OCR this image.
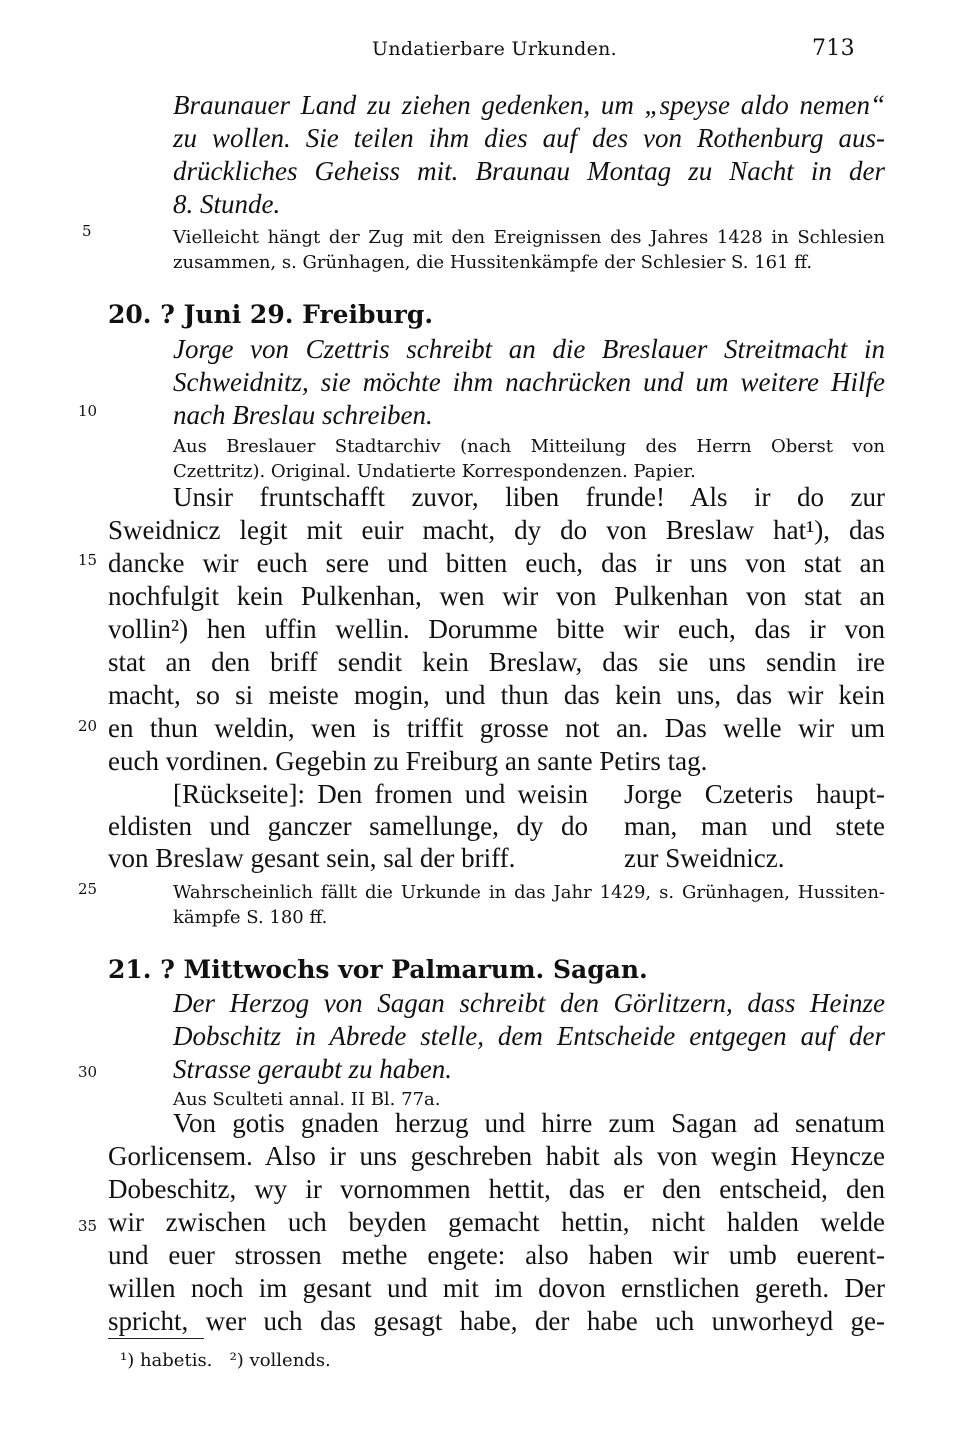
Undatierbare Urkunden.	713
5
10
15
20
25
30
35
Braunauer Land zu ziehen gedenken, um „speyse aldo nemen“
zu wollen. Sie teilen ihm dies auf des von Rothenburg aus-
drückliches Geheiss mit. Braunau Montag zu Nacht in der
8. Stunde.
Vielleicht hängt der Zug mit den Ereignissen des Jahres 1428 in Schlesien
zusammen, s. Grünhagen, die Hussitenkämpfe der Schlesier S. 161 ff.
20. ? Juni 29. Freiburg.
Jorge von Czettris schreibt an die Breslauer Streitmacht in
Schweidnitz, sie möchte ihm nachrücken und um weitere Hilfe
nach Breslau schreiben.
Aus Breslauer Stadtarchiv (nach Mitteilung des Herrn Oberst von
Czettritz). Original. Undatierte Korrespondenzen. Papier.
Unsir fruntschafft zuvor, liben frunde! Als ir do zur
Sweidnicz legit mit euir macht, dy do von Breslaw hat¹), das
dancke wir euch sere und bitten euch, das ir uns von stat an
nochfulgit kein Pulkenhan, wen wir von Pulkenhan von stat an
vollin²) hen uffin wellin. Dorumme bitte wir euch, das ir von
stat an den briff sendit kein Breslaw, das sie uns sendin ire
macht, so si meiste mogin, und thun das kein uns, das wir kein
en thun weldin, wen is triffit grosse not an. Das welle wir um
euch vordinen. Gegebin zu Freiburg an sante Petirs tag.
[Rückseite]: Den fromen und weisin
eldisten und ganczer samellunge, dy do
von Breslaw gesant sein, sal der briff.
Jorge Czeteris haupt-
man, man und stete
zur Sweidnicz.
Wahrscheinlich fällt die Urkunde in das Jahr 1429, s. Grünhagen, Hussiten-
kämpfe S. 180 ff.
21. ? Mittwochs vor Palmarum. Sagan.
Der Herzog von Sagan schreibt den Görlitzern, dass Heinze
Dobschitz in Abrede stelle, dem Entscheide entgegen auf der
Strasse geraubt zu haben.
Aus Sculteti annal. II Bl. 77a.
Von gotis gnaden herzug und hirre zum Sagan ad senatum
Gorlicensem. Also ir uns geschreben habit als von wegin Heyncze
Dobeschitz, wy ir vornommen hettit, das er den entscheid, den
wir zwischen uch beyden gemacht hettin, nicht halden welde
und euer strossen methe engete: also haben wir umb euerent-
willen noch im gesant und mit im dovon ernstlichen gereth. Der
spricht, wer uch das gesagt habe, der habe uch unworheyd ge-
¹) habetis.   ²) vollends.
